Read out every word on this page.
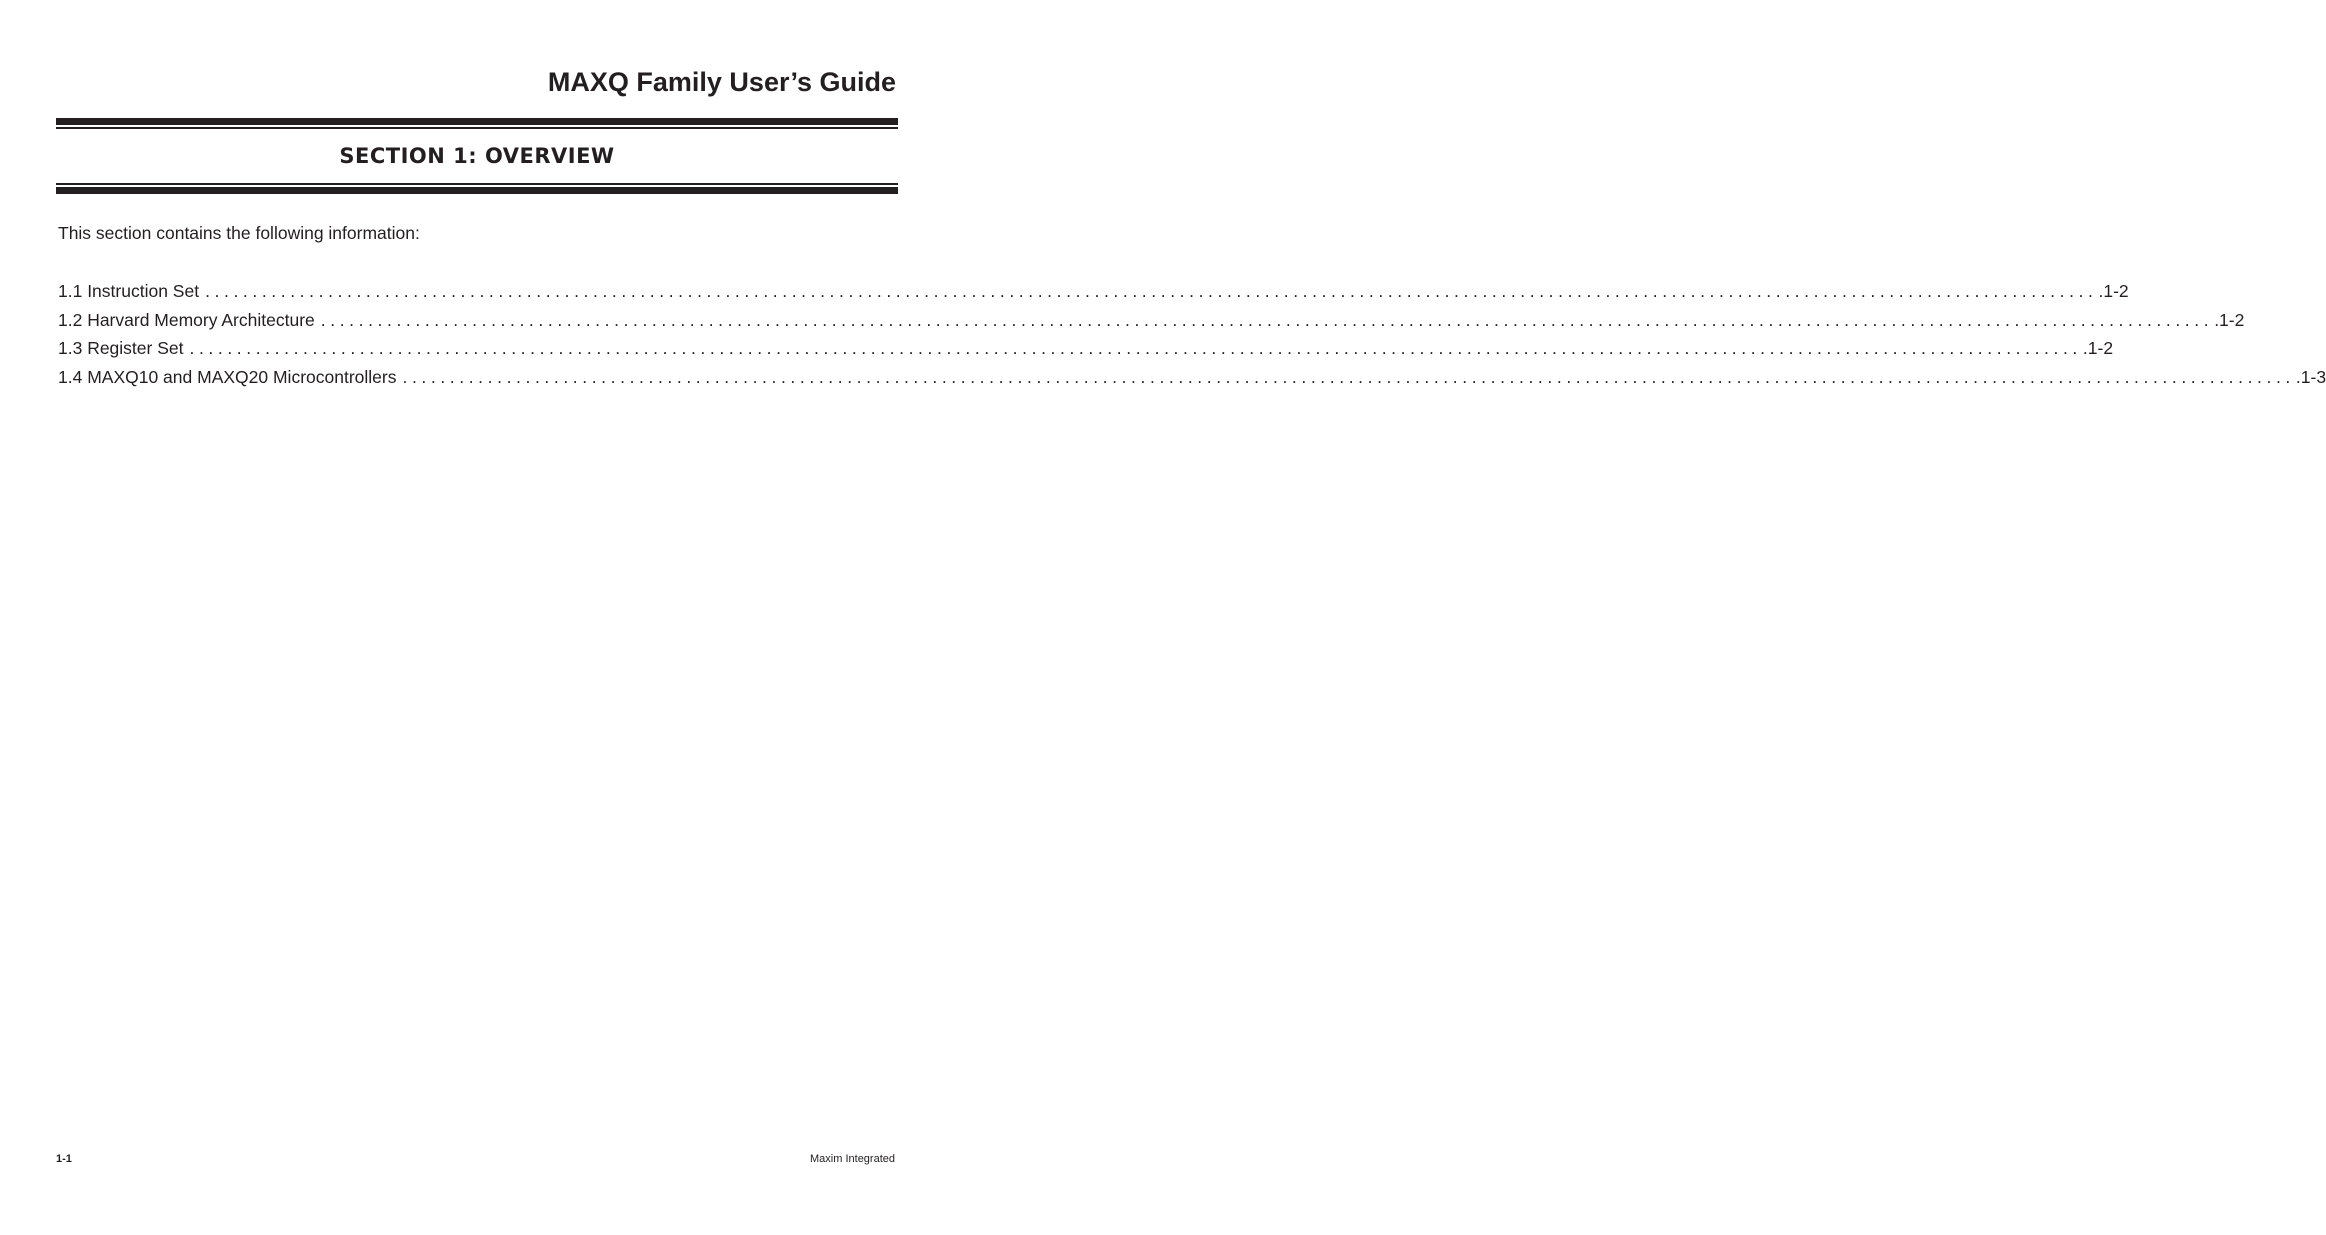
MAXQ Family User’s Guide
SECTION 1: OVERVIEW
This section contains the following information:
1.1 Instruction Set ........................................................................................................................................................................................................ .1-2
1.2 Harvard Memory Architecture ........................................................................................................................................................................................................ .1-2
1.3 Register Set ........................................................................................................................................................................................................ .1-2
1.4 MAXQ10 and MAXQ20 Microcontrollers ........................................................................................................................................................................................................ .1-3
1-1	Maxim Integrated
